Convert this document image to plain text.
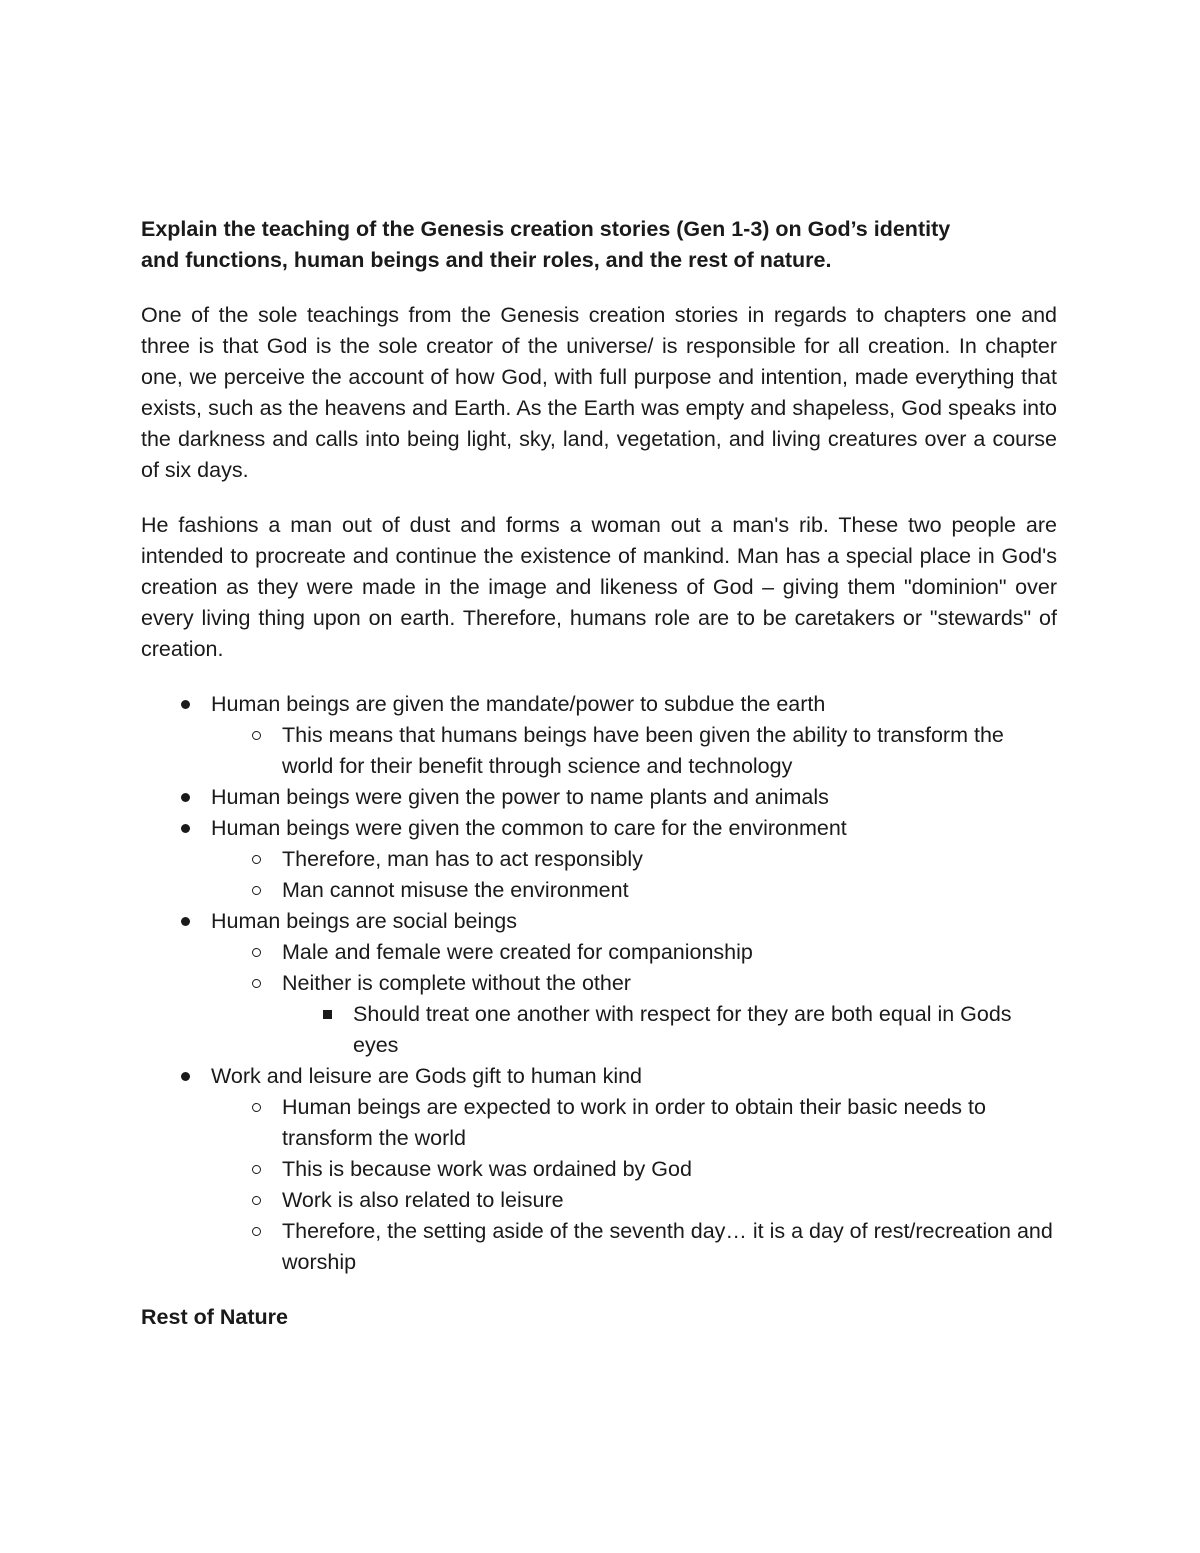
Explain the teaching of the Genesis creation stories (Gen 1-3) on God’s identity
and functions, human beings and their roles, and the rest of nature.

One of the sole teachings from the Genesis creation stories in regards to chapters one and three is that God is the sole creator of the universe/ is responsible for all creation. In chapter one, we perceive the account of how God, with full purpose and intention, made everything that exists, such as the heavens and Earth. As the Earth was empty and shapeless, God speaks into the darkness and calls into being light, sky, land, vegetation, and living creatures over a course of six days.

He fashions a man out of dust and forms a woman out a man's rib. These two people are intended to procreate and continue the existence of mankind. Man has a special place in God's creation as they were made in the image and likeness of God – giving them "dominion" over every living thing upon on earth. Therefore, humans role are to be caretakers or "stewards" of creation.

Human beings are given the mandate/power to subdue the earth
This means that humans beings have been given the ability to transform the world for their benefit through science and technology
Human beings were given the power to name plants and animals
Human beings were given the common to care for the environment
Therefore, man has to act responsibly
Man cannot misuse the environment
Human beings are social beings
Male and female were created for companionship
Neither is complete without the other
Should treat one another with respect for they are both equal in Gods eyes
Work and leisure are Gods gift to human kind
Human beings are expected to work in order to obtain their basic needs to transform the world
This is because work was ordained by God
Work is also related to leisure
Therefore, the setting aside of the seventh day… it is a day of rest/recreation and worship

Rest of Nature
